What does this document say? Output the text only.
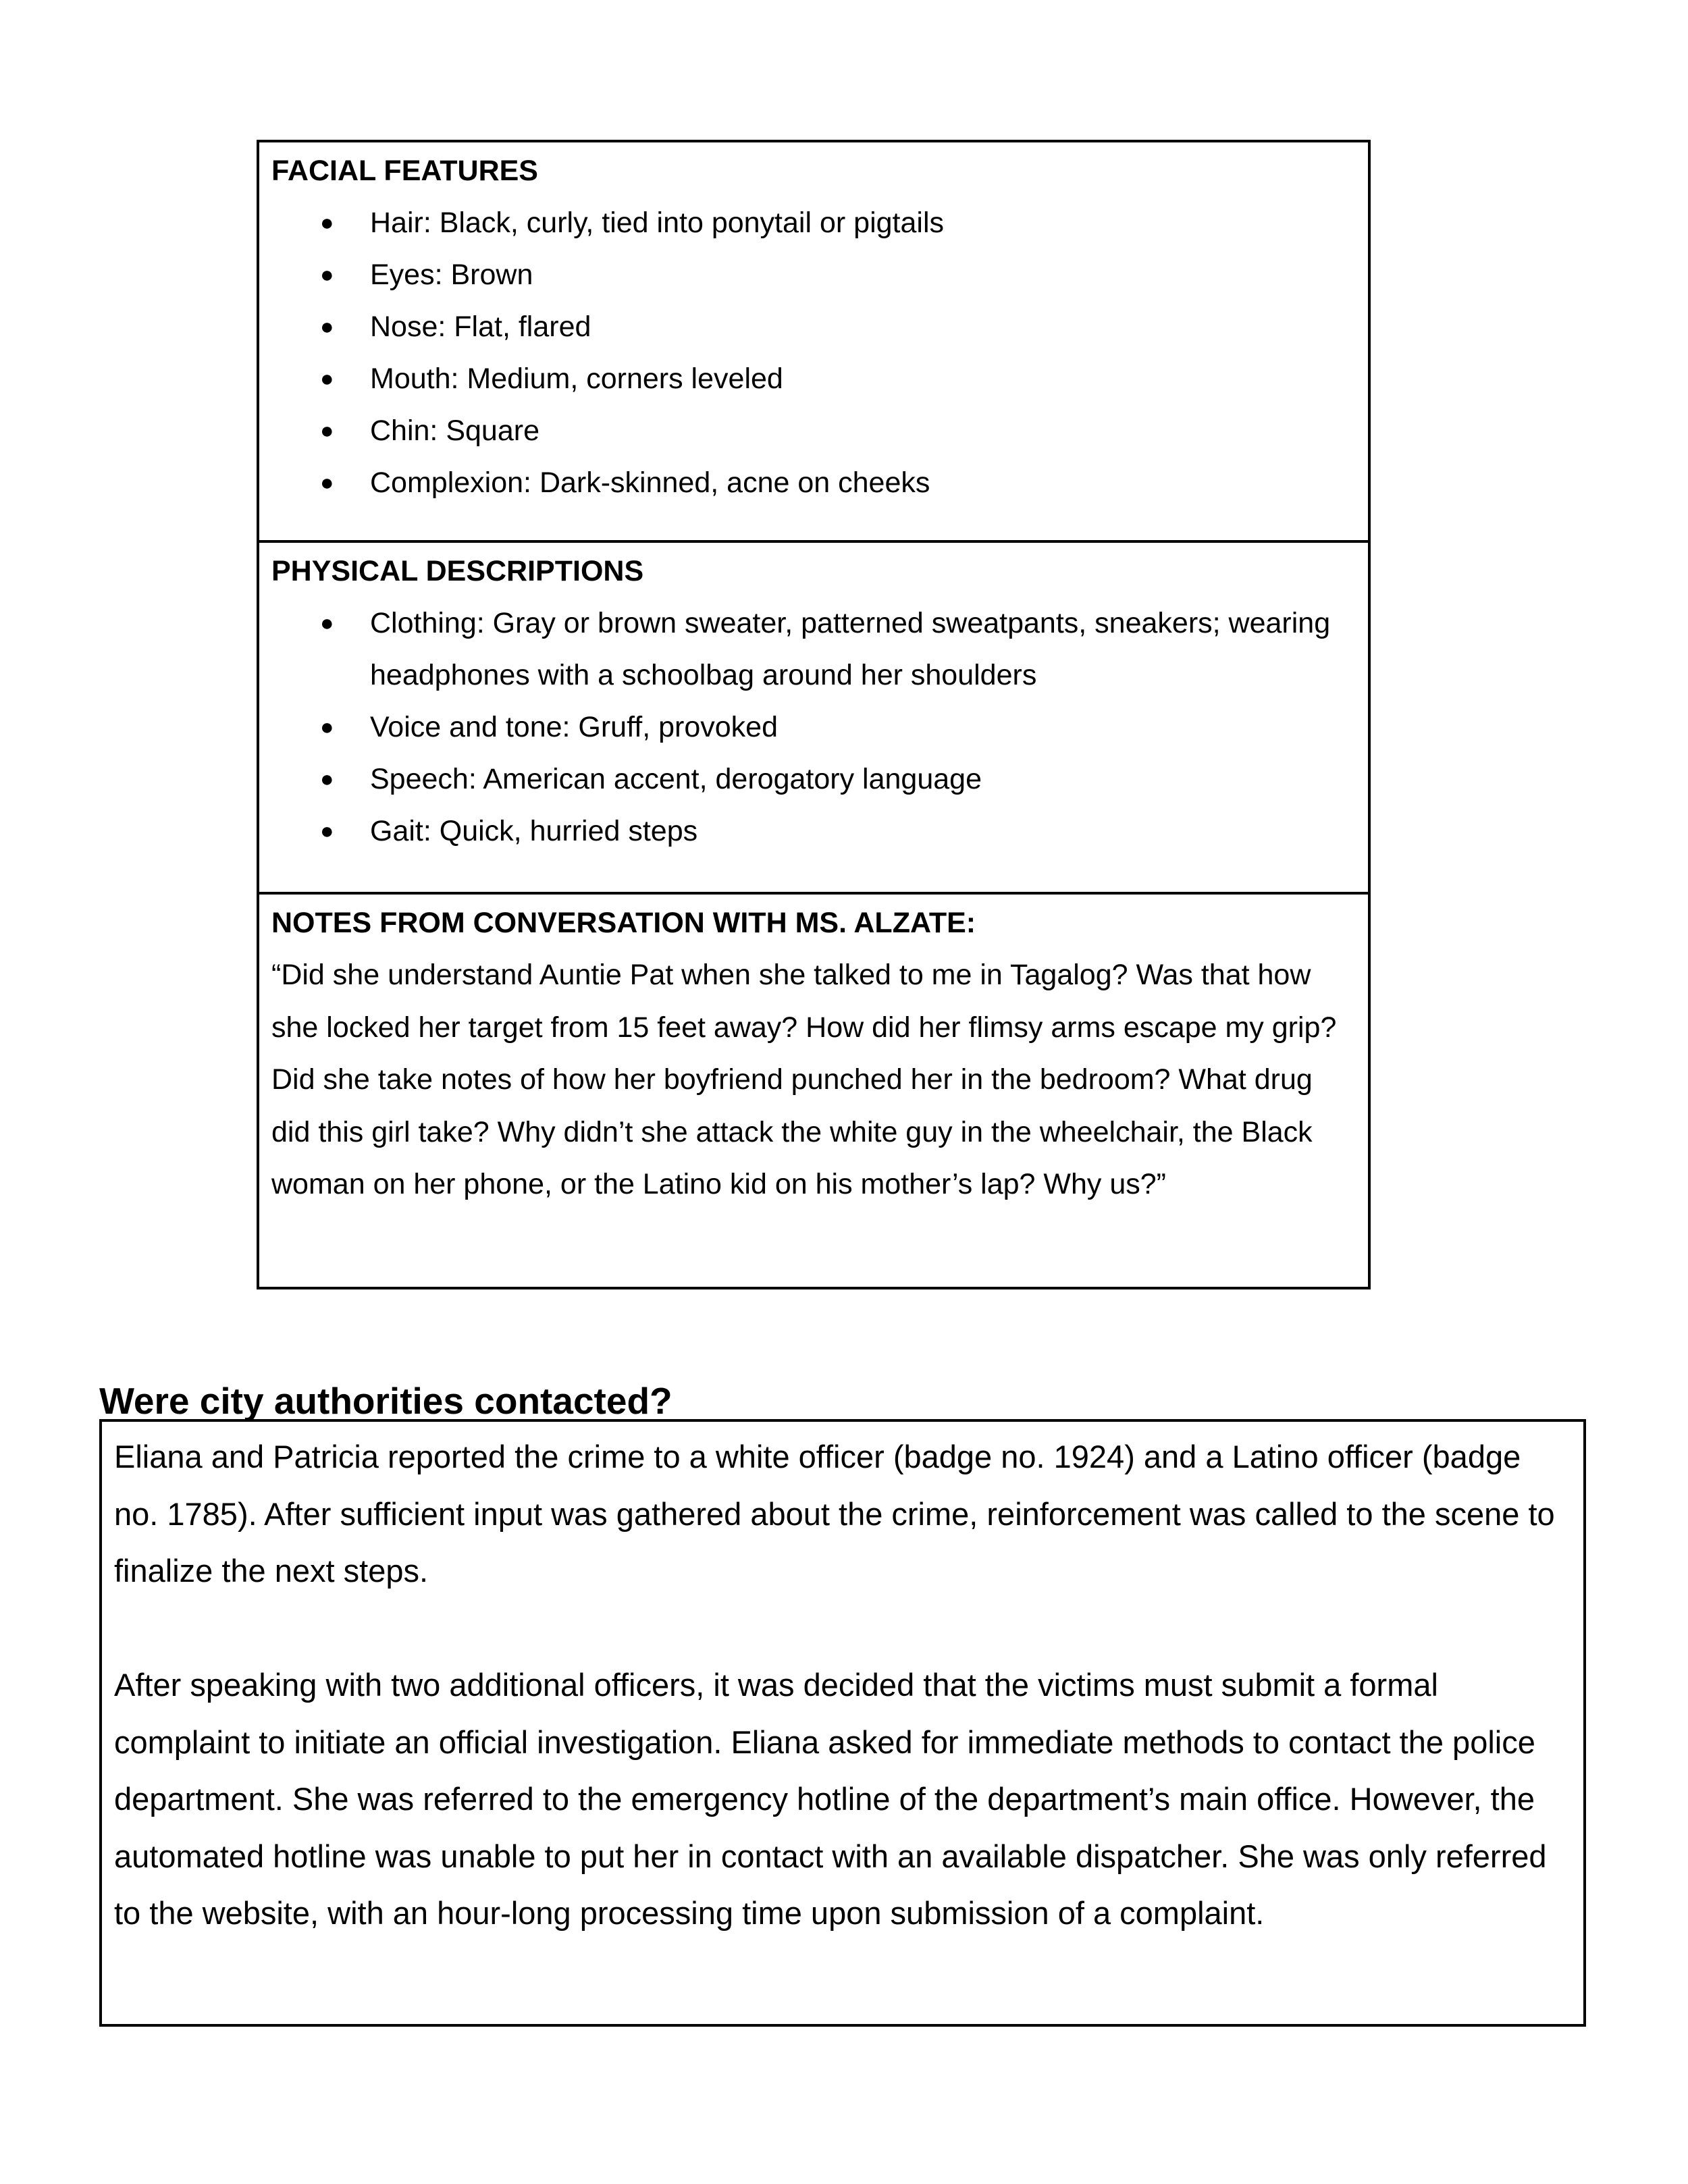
FACIAL FEATURES
● Hair: Black, curly, tied into ponytail or pigtails
● Eyes: Brown
● Nose: Flat, flared
● Mouth: Medium, corners leveled
● Chin: Square
● Complexion: Dark-skinned, acne on cheeks
PHYSICAL DESCRIPTIONS
● Clothing: Gray or brown sweater, patterned sweatpants, sneakers; wearing headphones with a schoolbag around her shoulders
● Voice and tone: Gruff, provoked
● Speech: American accent, derogatory language
● Gait: Quick, hurried steps
NOTES FROM CONVERSATION WITH MS. ALZATE:

“Did she understand Auntie Pat when she talked to me in Tagalog? Was that how she locked her target from 15 feet away? How did her flimsy arms escape my grip? Did she take notes of how her boyfriend punched her in the bedroom? What drug did this girl take? Why didn’t she attack the white guy in the wheelchair, the Black woman on her phone, or the Latino kid on his mother’s lap? Why us?”

Were city authorities contacted?

Eliana and Patricia reported the crime to a white officer (badge no. 1924) and a Latino officer (badge no. 1785). After sufficient input was gathered about the crime, reinforcement was called to the scene to finalize the next steps.

After speaking with two additional officers, it was decided that the victims must submit a formal complaint to initiate an official investigation. Eliana asked for immediate methods to contact the police department. She was referred to the emergency hotline of the department’s main office. However, the automated hotline was unable to put her in contact with an available dispatcher. She was only referred to the website, with an hour-long processing time upon submission of a complaint.
